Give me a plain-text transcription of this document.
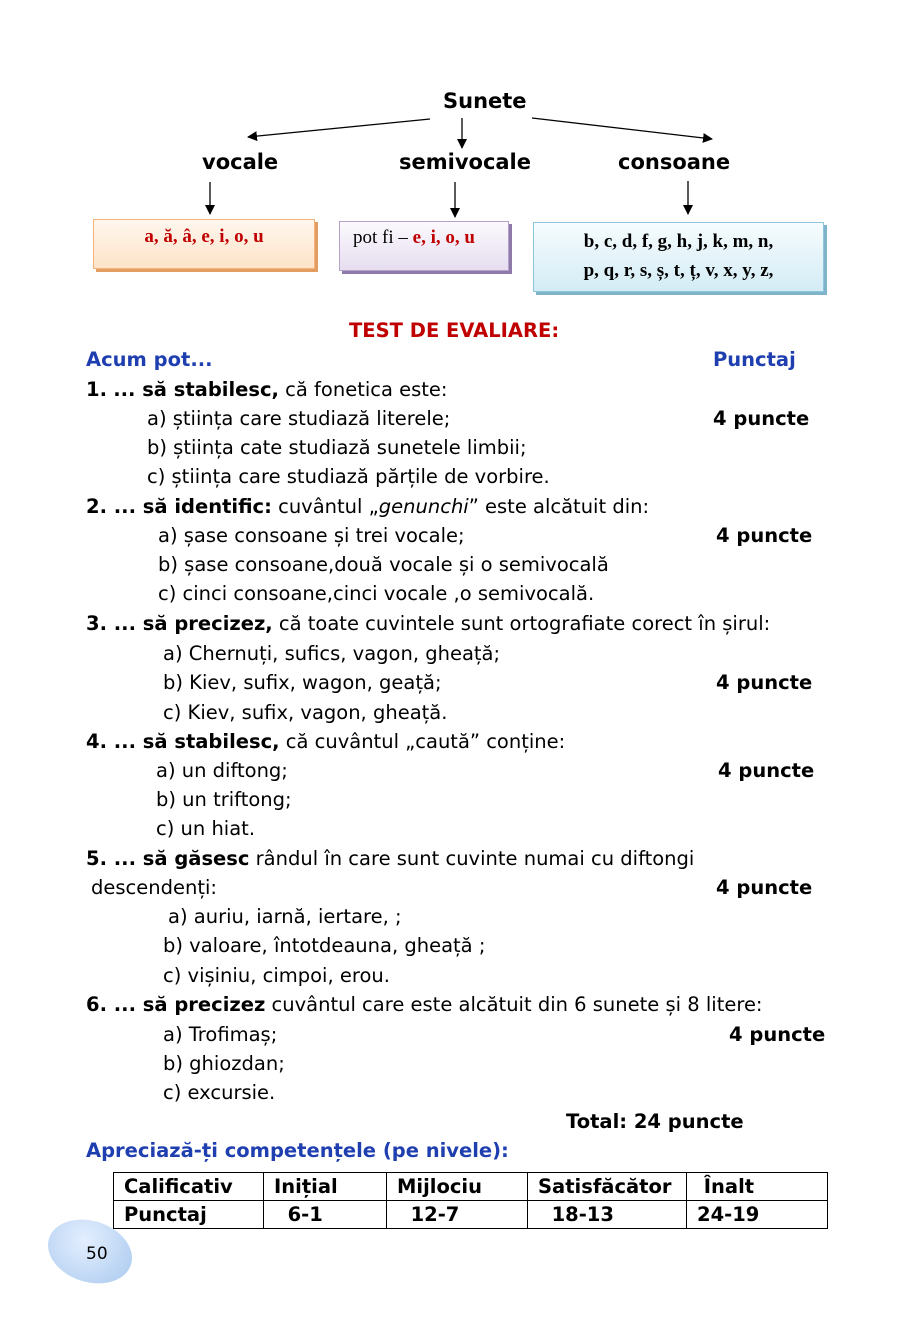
Sunete
vocale	semivocale	consoane
a, ă, â, e, i, o, u	pot fi – e, i, o, u	b, c, d, f, g, h, j, k, m, n,
p, q, r, s, ș, t, ț, v, x, y, z,
TEST DE EVALIARE:
Acum pot...	Punctaj
1. ... să stabilesc, că fonetica este:
a) știința care studiază literele;	4 puncte
b) știința cate studiază sunetele limbii;
c) știința care studiază părțile de vorbire.
2. ... să identific: cuvântul „genunchi” este alcătuit din:
a) șase consoane și trei vocale;	4 puncte
b) șase consoane,două vocale și o semivocală
c) cinci consoane,cinci vocale ,o semivocală.
3. ... să precizez, că toate cuvintele sunt ortografiate corect în șirul:
a) Chernuți, sufics, vagon, gheață;
b) Kiev, sufix, wagon, geață;	4 puncte
c) Kiev, sufix, vagon, gheață.
4. ... să stabilesc, că cuvântul „caută” conține:
a) un diftong;	4 puncte
b) un triftong;
c) un hiat.
5. ... să găsesc rândul în care sunt cuvinte numai cu diftongi
descendenți:	4 puncte
a) auriu, iarnă, iertare, ;
b) valoare, întotdeauna, gheață ;
c) vișiniu, cimpoi, erou.
6. ... să precizez cuvântul care este alcătuit din 6 sunete și 8 litere:
a) Trofimaș;	4 puncte
b) ghiozdan;
c) excursie.
Total: 24 puncte
Apreciază-ți competențele (pe nivele):
Calificativ	Inițial	Mijlociu	Satisfăcător	Înalt
Punctaj	6-1	12-7	18-13	24-19
50
